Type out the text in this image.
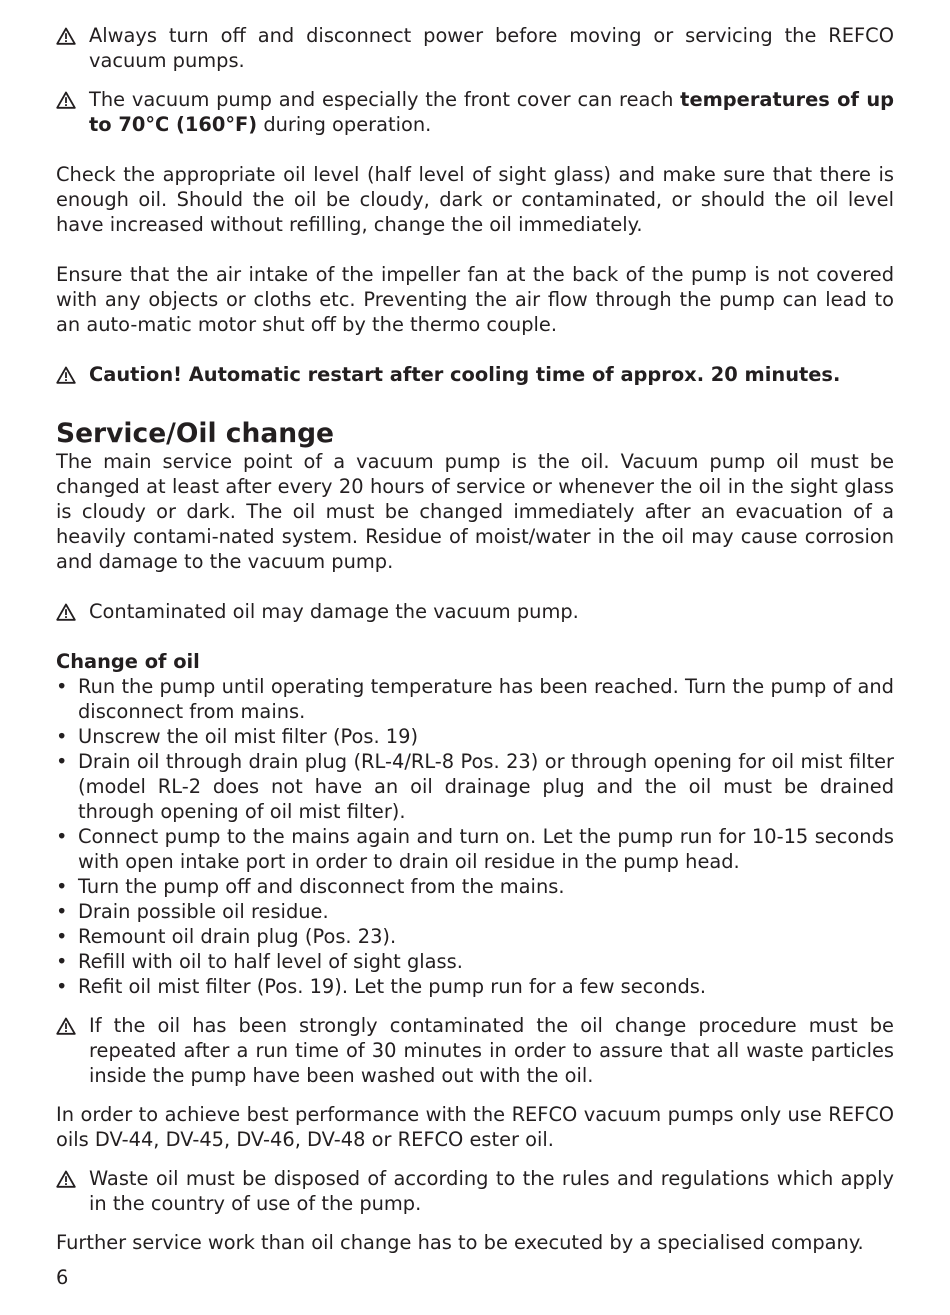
Always turn off and disconnect power before moving or servicing the REFCO vacuum pumps.

The vacuum pump and especially the front cover can reach temperatures of up to 70°C (160°F) during operation.

Check the appropriate oil level (half level of sight glass) and make sure that there is enough oil. Should the oil be cloudy, dark or contaminated, or should the oil level have increased without refilling, change the oil immediately.

Ensure that the air intake of the impeller fan at the back of the pump is not covered with any objects or cloths etc. Preventing the air flow through the pump can lead to an auto-matic motor shut off by the thermo couple.

Caution! Automatic restart after cooling time of approx. 20 minutes.

Service/Oil change

The main service point of a vacuum pump is the oil. Vacuum pump oil must be changed at least after every 20 hours of service or whenever the oil in the sight glass is cloudy or dark. The oil must be changed immediately after an evacuation of a heavily contami-nated system. Residue of moist/water in the oil may cause corrosion and damage to the vacuum pump.

Contaminated oil may damage the vacuum pump.

Change of oil
• Run the pump until operating temperature has been reached. Turn the pump of and disconnect from mains.
• Unscrew the oil mist filter (Pos. 19)
• Drain oil through drain plug (RL-4/RL-8 Pos. 23) or through opening for oil mist filter (model RL-2 does not have an oil drainage plug and the oil must be drained through opening of oil mist filter).
• Connect pump to the mains again and turn on. Let the pump run for 10-15 seconds with open intake port in order to drain oil residue in the pump head.
• Turn the pump off and disconnect from the mains.
• Drain possible oil residue.
• Remount oil drain plug (Pos. 23).
• Refill with oil to half level of sight glass.
• Refit oil mist filter (Pos. 19). Let the pump run for a few seconds.

If the oil has been strongly contaminated the oil change procedure must be repeated after a run time of 30 minutes in order to assure that all waste particles inside the pump have been washed out with the oil.

In order to achieve best performance with the REFCO vacuum pumps only use REFCO oils DV-44, DV-45, DV-46, DV-48 or REFCO ester oil.

Waste oil must be disposed of according to the rules and regulations which apply in the country of use of the pump.

Further service work than oil change has to be executed by a specialised company.

6
